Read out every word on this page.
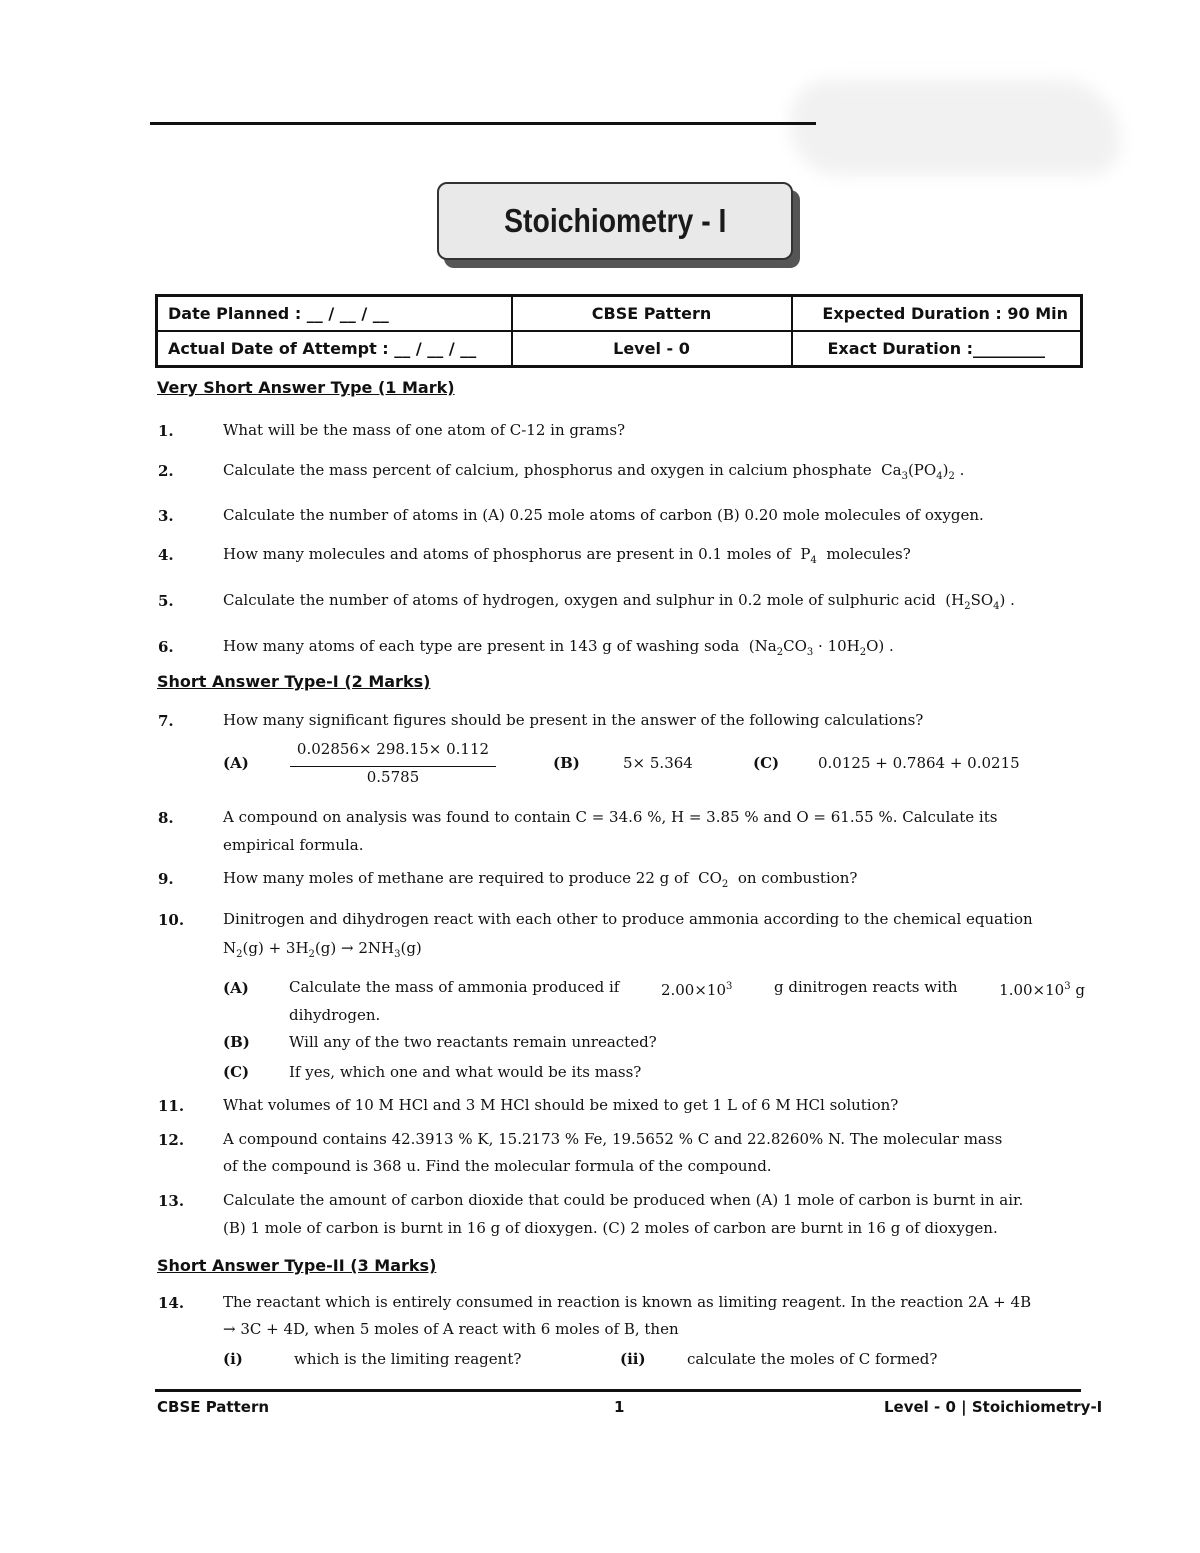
Stoichiometry - I
Date Planned : __ / __ / __	CBSE Pattern	Expected Duration : 90 Min
Actual Date of Attempt : __ / __ / __	Level - 0	Exact Duration :_________
Very Short Answer Type (1 Mark)
1.	What will be the mass of one atom of C-12 in grams?
2.	Calculate the mass percent of calcium, phosphorus and oxygen in calcium phosphate  $Ca_3(PO_4)_2$ .
3.	Calculate the number of atoms in (A) 0.25 mole atoms of carbon (B) 0.20 mole molecules of oxygen.
4.	How many molecules and atoms of phosphorus are present in 0.1 moles of  $P_4$ molecules?
5.	Calculate the number of atoms of hydrogen, oxygen and sulphur in 0.2 mole of sulphuric acid  $(H_2SO_4)$ .
6.	How many atoms of each type are present in 143 g of washing soda  $(Na_2CO_3 \cdot 10H_2O)$ .
Short Answer Type-I (2 Marks)
7.	How many significant figures should be present in the answer of the following calculations?
(A)
0.02856× 298.15× 0.112
0.5785
(B)	5× 5.364	(C)	0.0125 + 0.7864 + 0.0215
8.	A compound on analysis was found to contain C = 34.6 %, H = 3.85 % and O = 61.55 %. Calculate its
empirical formula.
9.	How many moles of methane are required to produce 22 g of  $CO_2$ on combustion?
10.	Dinitrogen and dihydrogen react with each other to produce ammonia according to the chemical equation
$N_2(g) + 3H_2(g) \to 2NH_3(g)$
(A)	Calculate the mass of ammonia produced if	$2.00\times 10^3$	g dinitrogen reacts with	$1.00\times 10^3$ g
dihydrogen.
(B)	Will any of the two reactants remain unreacted?
(C)	If yes, which one and what would be its mass?
11.	What volumes of 10 M HCl and 3 M HCl should be mixed to get 1 L of 6 M HCl solution?
12.	A compound contains 42.3913 % K, 15.2173 % Fe, 19.5652 % C and 22.8260% N. The molecular mass
of the compound is 368 u. Find the molecular formula of the compound.
13.	Calculate the amount of carbon dioxide that could be produced when (A) 1 mole of carbon is burnt in air.
(B) 1 mole of carbon is burnt in 16 g of dioxygen. (C) 2 moles of carbon are burnt in 16 g of dioxygen.
Short Answer Type-II (3 Marks)
14.	The reactant which is entirely consumed in reaction is known as limiting reagent. In the reaction 2A + 4B
→ 3C + 4D, when 5 moles of A react with 6 moles of B, then
(i)	which is the limiting reagent?	(ii)	calculate the moles of C formed?
CBSE Pattern	1	Level - 0 | Stoichiometry-I
